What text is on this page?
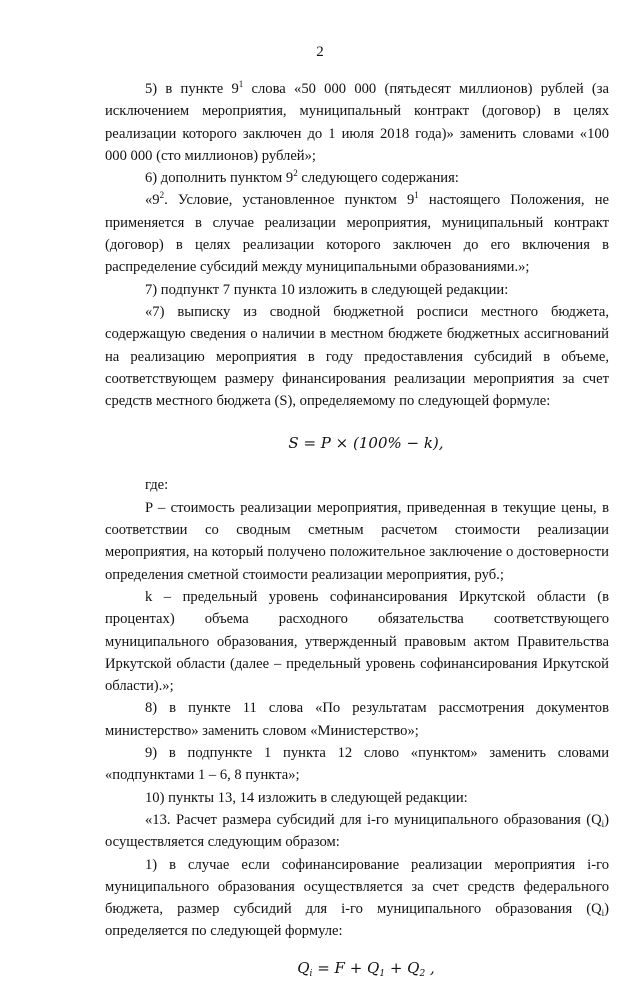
2

5) в пункте $9^1$ слова «50 000 000 (пятьдесят миллионов) рублей (за исключением мероприятия, муниципальный контракт (договор) в целях реализации которого заключен до 1 июля 2018 года)» заменить словами «100 000 000 (сто миллионов) рублей»;

6) дополнить пунктом $9^2$ следующего содержания:

«$9^2$. Условие, установленное пунктом $9^1$ настоящего Положения, не применяется в случае реализации мероприятия, муниципальный контракт (договор) в целях реализации которого заключен до его включения в распределение субсидий между муниципальными образованиями.»;

7) подпункт 7 пункта 10 изложить в следующей редакции:

«7) выписку из сводной бюджетной росписи местного бюджета, содержащую сведения о наличии в местном бюджете бюджетных ассигнований на реализацию мероприятия в году предоставления субсидий в объеме, соответствующем размеру финансирования реализации мероприятия за счет средств местного бюджета (S), определяемому по следующей формуле:

S = P × (100% − k),

где:

P – стоимость реализации мероприятия, приведенная в текущие цены, в соответствии со сводным сметным расчетом стоимости реализации мероприятия, на который получено положительное заключение о достоверности определения сметной стоимости реализации мероприятия, руб.;

k – предельный уровень софинансирования Иркутской области (в процентах) объема расходного обязательства соответствующего муниципального образования, утвержденный правовым актом Правительства Иркутской области (далее – предельный уровень софинансирования Иркутской области).»;

8) в пункте 11 слова «По результатам рассмотрения документов министерство» заменить словом «Министерство»;

9) в подпункте 1 пункта 12 слово «пунктом» заменить словами «подпунктами 1 – 6, 8 пункта»;

10) пункты 13, 14 изложить в следующей редакции:

«13. Расчет размера субсидий для i-го муниципального образования $(Q_i)$ осуществляется следующим образом:

1) в случае если софинансирование реализации мероприятия i-го муниципального образования осуществляется за счет средств федерального бюджета, размер субсидий для i-го муниципального образования $(Q_i)$ определяется по следующей формуле:

$Q_i = F + Q_1 + Q_2$ ,
